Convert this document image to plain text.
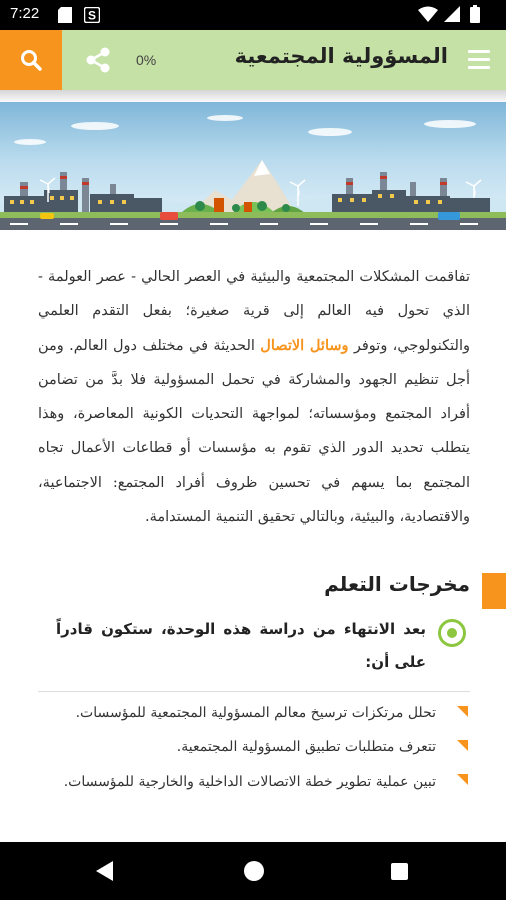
7:22	S
0%	المسؤولية المجتمعية

تفاقمت المشكلات المجتمعية والبيئية في العصر الحالي - عصر العولمة - الذي تحول فيه العالم إلى قرية صغيرة؛ بفعل التقدم العلمي والتكنولوجي، وتوفر وسائل الاتصال الحديثة في مختلف دول العالم. ومن أجل تنظيم الجهود والمشاركة في تحمل المسؤولية فلا بدَّ من تضامن أفراد المجتمع ومؤسساته؛ لمواجهة التحديات الكونية المعاصرة، وهذا يتطلب تحديد الدور الذي تقوم به مؤسسات أو قطاعات الأعمال تجاه المجتمع بما يسهم في تحسين ظروف أفراد المجتمع: الاجتماعية، والاقتصادية، والبيئية، وبالتالي تحقيق التنمية المستدامة.

مخرجات التعلم

بعد الانتهاء من دراسة هذه الوحدة، ستكون قادراً على أن:

تحلل مرتكزات ترسيخ معالم المسؤولية المجتمعية للمؤسسات.
تتعرف متطلبات تطبيق المسؤولية المجتمعية.
تبين عملية تطوير خطة الاتصالات الداخلية والخارجية للمؤسسات.
